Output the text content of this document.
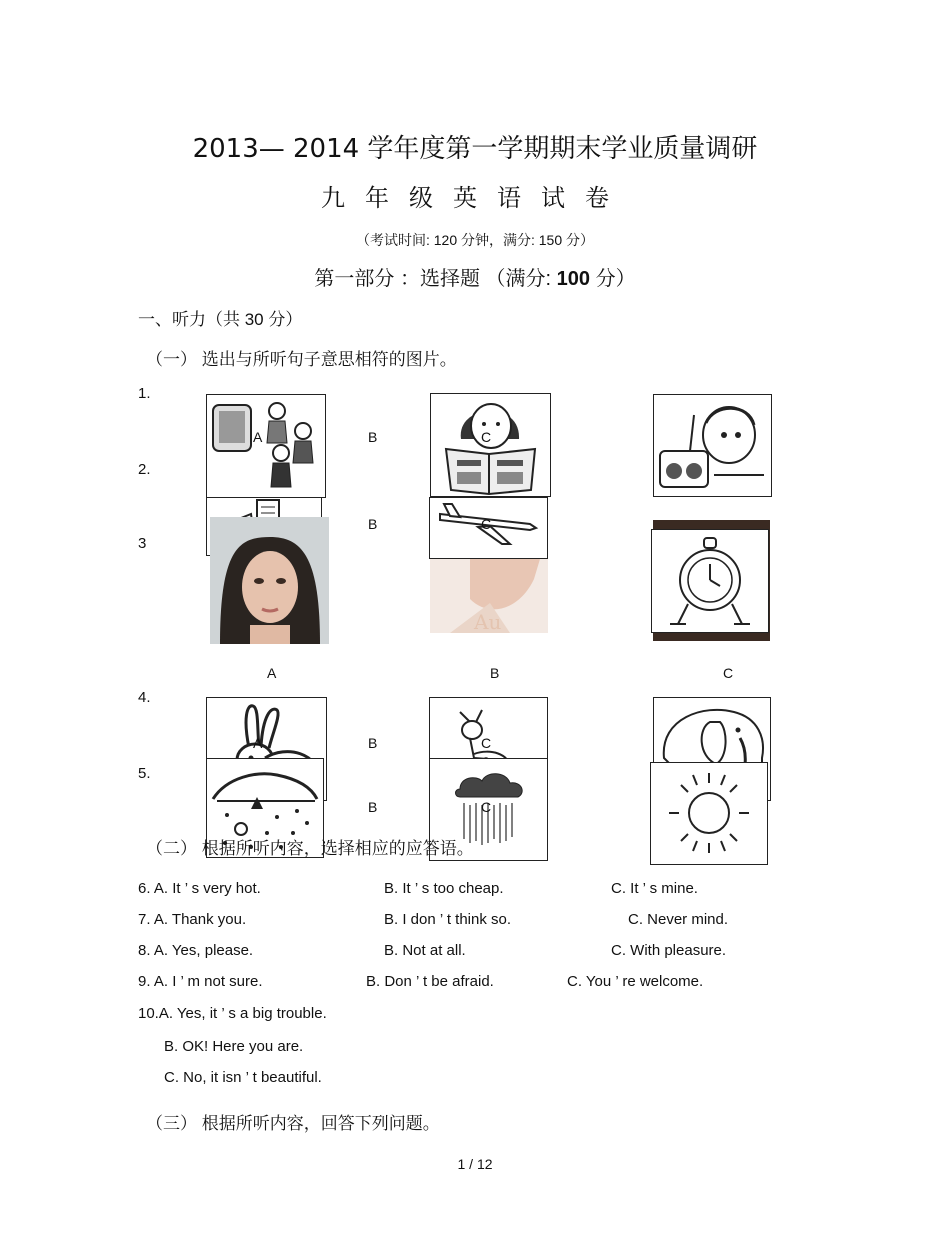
2013— 2014 学年度第一学期期末学业质量调研
九年级英语试卷
（考试时间: 120 分钟，满分: 150 分）
第一部分 ：选择题 （满分: 100 分）
一、听力（共 30 分）
（一） 选出与所听句子意思相符的图片。
1.
2.
3
4.
5.
A	B	C
B	C
Au
A	B	C
A	B	C
B	C
（二） 根据所听内容，选择相应的应答语。
6. A. It ’ s very hot.	B. It ’ s too cheap.	C. It ’ s mine.
7. A. Thank you.	B. I don ’ t think so.	C. Never mind.
8. A. Yes, please.	B. Not at all.	C. With pleasure.
9. A. I ’ m not sure.	B. Don ’ t be afraid.	C. You ’ re welcome.
10.A. Yes, it ’ s a big trouble.
B. OK! Here you are.
C. No, it isn ’ t beautiful.
（三） 根据所听内容，回答下列问题。
1 / 12
